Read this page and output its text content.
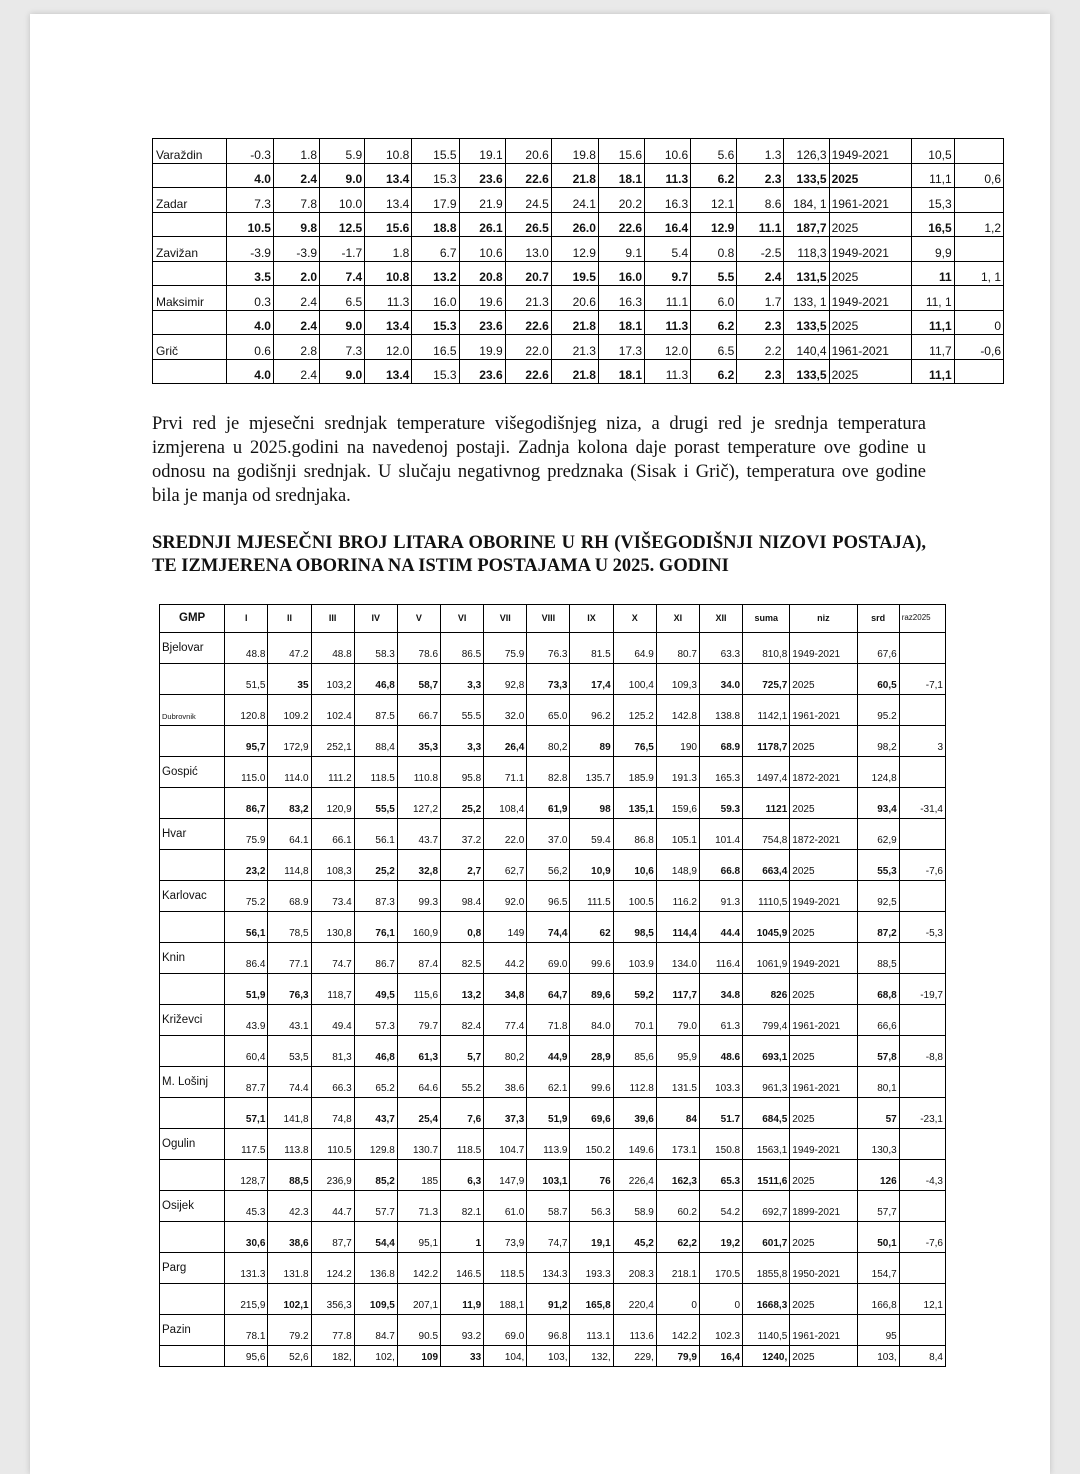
Varaždin	-0.3	1.8	5.9	10.8	15.5	19.1	20.6	19.8	15.6	10.6	5.6	1.3	126,3	1949-2021	10,5	
	4.0	2.4	9.0	13.4	15.3	23.6	22.6	21.8	18.1	11.3	6.2	2.3	133,5	2025	11,1	0,6
Zadar	7.3	7.8	10.0	13.4	17.9	21.9	24.5	24.1	20.2	16.3	12.1	8.6	184, 1	1961-2021	15,3	
	10.5	9.8	12.5	15.6	18.8	26.1	26.5	26.0	22.6	16.4	12.9	11.1	187,7	2025	16,5	1,2
Zavižan	-3.9	-3.9	-1.7	1.8	6.7	10.6	13.0	12.9	9.1	5.4	0.8	-2.5	118,3	1949-2021	9,9	
	3.5	2.0	7.4	10.8	13.2	20.8	20.7	19.5	16.0	9.7	5.5	2.4	131,5	2025	11	1, 1
Maksimir	0.3	2.4	6.5	11.3	16.0	19.6	21.3	20.6	16.3	11.1	6.0	1.7	133, 1	1949-2021	11, 1	
	4.0	2.4	9.0	13.4	15.3	23.6	22.6	21.8	18.1	11.3	6.2	2.3	133,5	2025	11,1	0
Grič	0.6	2.8	7.3	12.0	16.5	19.9	22.0	21.3	17.3	12.0	6.5	2.2	140,4	1961-2021	11,7	-0,6
	4.0	2.4	9.0	13.4	15.3	23.6	22.6	21.8	18.1	11.3	6.2	2.3	133,5	2025	11,1	
Prvi red je mjesečni srednjak temperature višegodišnjeg niza, a drugi red je srednja temperatura izmjerena u 2025.godini na navedenoj postaji. Zadnja kolona daje porast temperature ove godine u odnosu na godišnji srednjak. U slučaju negativnog predznaka (Sisak i Grič), temperatura ove godine bila je manja od srednjaka.
SREDNJI MJESEČNI BROJ LITARA OBORINE U RH (VIŠEGODIŠNJI NIZOVI POSTAJA), TE IZMJERENA OBORINA NA ISTIM POSTAJAMA U 2025. GODINI
GMP	I	II	III	IV	V	VI	VII	VIII	IX	X	XI	XII	suma	niz	srd	raz2025
Bjelovar	48.8	47.2	48.8	58.3	78.6	86.5	75.9	76.3	81.5	64.9	80.7	63.3	810,8	1949-2021	67,6	
	51,5	35	103,2	46,8	58,7	3,3	92,8	73,3	17,4	100,4	109,3	34.0	725,7	2025	60,5	-7,1
Dubrovnik	120.8	109.2	102.4	87.5	66.7	55.5	32.0	65.0	96.2	125.2	142.8	138.8	1142,1	1961-2021	95.2	
	95,7	172,9	252,1	88,4	35,3	3,3	26,4	80,2	89	76,5	190	68.9	1178,7	2025	98,2	3
Gospić	115.0	114.0	111.2	118.5	110.8	95.8	71.1	82.8	135.7	185.9	191.3	165.3	1497,4	1872-2021	124,8	
	86,7	83,2	120,9	55,5	127,2	25,2	108,4	61,9	98	135,1	159,6	59.3	1121	2025	93,4	-31,4
Hvar	75.9	64.1	66.1	56.1	43.7	37.2	22.0	37.0	59.4	86.8	105.1	101.4	754,8	1872-2021	62,9	
	23,2	114,8	108,3	25,2	32,8	2,7	62,7	56,2	10,9	10,6	148,9	66.8	663,4	2025	55,3	-7,6
Karlovac	75.2	68.9	73.4	87.3	99.3	98.4	92.0	96.5	111.5	100.5	116.2	91.3	1110,5	1949-2021	92,5	
	56,1	78,5	130,8	76,1	160,9	0,8	149	74,4	62	98,5	114,4	44.4	1045,9	2025	87,2	-5,3
Knin	86.4	77.1	74.7	86.7	87.4	82.5	44.2	69.0	99.6	103.9	134.0	116.4	1061,9	1949-2021	88,5	
	51,9	76,3	118,7	49,5	115,6	13,2	34,8	64,7	89,6	59,2	117,7	34.8	826	2025	68,8	-19,7
Križevci	43.9	43.1	49.4	57.3	79.7	82.4	77.4	71.8	84.0	70.1	79.0	61.3	799,4	1961-2021	66,6	
	60,4	53,5	81,3	46,8	61,3	5,7	80,2	44,9	28,9	85,6	95,9	48.6	693,1	2025	57,8	-8,8
M. Lošinj	87.7	74.4	66.3	65.2	64.6	55.2	38.6	62.1	99.6	112.8	131.5	103.3	961,3	1961-2021	80,1	
	57,1	141,8	74,8	43,7	25,4	7,6	37,3	51,9	69,6	39,6	84	51.7	684,5	2025	57	-23,1
Ogulin	117.5	113.8	110.5	129.8	130.7	118.5	104.7	113.9	150.2	149.6	173.1	150.8	1563,1	1949-2021	130,3	
	128,7	88,5	236,9	85,2	185	6,3	147,9	103,1	76	226,4	162,3	65.3	1511,6	2025	126	-4,3
Osijek	45.3	42.3	44.7	57.7	71.3	82.1	61.0	58.7	56.3	58.9	60.2	54.2	692,7	1899-2021	57,7	
	30,6	38,6	87,7	54,4	95,1	1	73,9	74,7	19,1	45,2	62,2	19,2	601,7	2025	50,1	-7,6
Parg	131.3	131.8	124.2	136.8	142.2	146.5	118.5	134.3	193.3	208.3	218.1	170.5	1855,8	1950-2021	154,7	
	215,9	102,1	356,3	109,5	207,1	11,9	188,1	91,2	165,8	220,4	0	0	1668,3	2025	166,8	12,1
Pazin	78.1	79.2	77.8	84.7	90.5	93.2	69.0	96.8	113.1	113.6	142.2	102.3	1140,5	1961-2021	95	
	95,6	52,6	182,	102,	109	33	104,	103,	132,	229,	79,9	16,4	1240,	2025	103,	8,4
